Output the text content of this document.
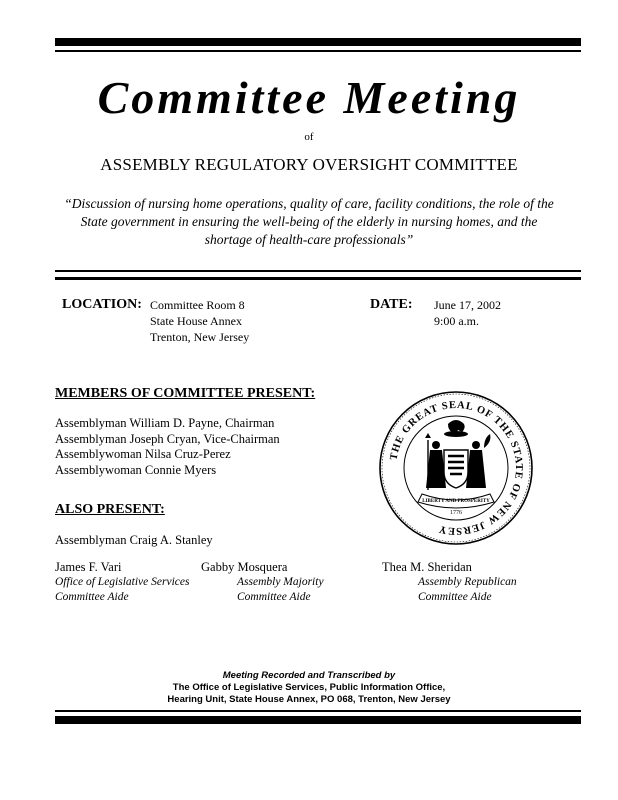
Committee Meeting
of
ASSEMBLY REGULATORY OVERSIGHT COMMITTEE
“Discussion of nursing home operations, quality of care, facility conditions, the role of the State government in ensuring the well-being of the elderly in nursing homes, and the shortage of health-care professionals”
LOCATION: Committee Room 8
State House Annex
Trenton, New Jersey
DATE: June 17, 2002
9:00 a.m.
MEMBERS OF COMMITTEE PRESENT:
Assemblyman William D. Payne, Chairman
Assemblyman Joseph Cryan, Vice-Chairman
Assemblywoman Nilsa Cruz-Perez
Assemblywoman Connie Myers
ALSO PRESENT:
Assemblyman Craig A. Stanley
James F. Vari
Office of Legislative Services
Committee Aide
Gabby Mosquera
Assembly Majority
Committee Aide
Thea M. Sheridan
Assembly Republican
Committee Aide
THE GREAT SEAL OF THE STATE OF NEW JERSEY
LIBERTY AND PROSPERITY
1776
Meeting Recorded and Transcribed by
The Office of Legislative Services, Public Information Office,
Hearing Unit, State House Annex, PO 068, Trenton, New Jersey
